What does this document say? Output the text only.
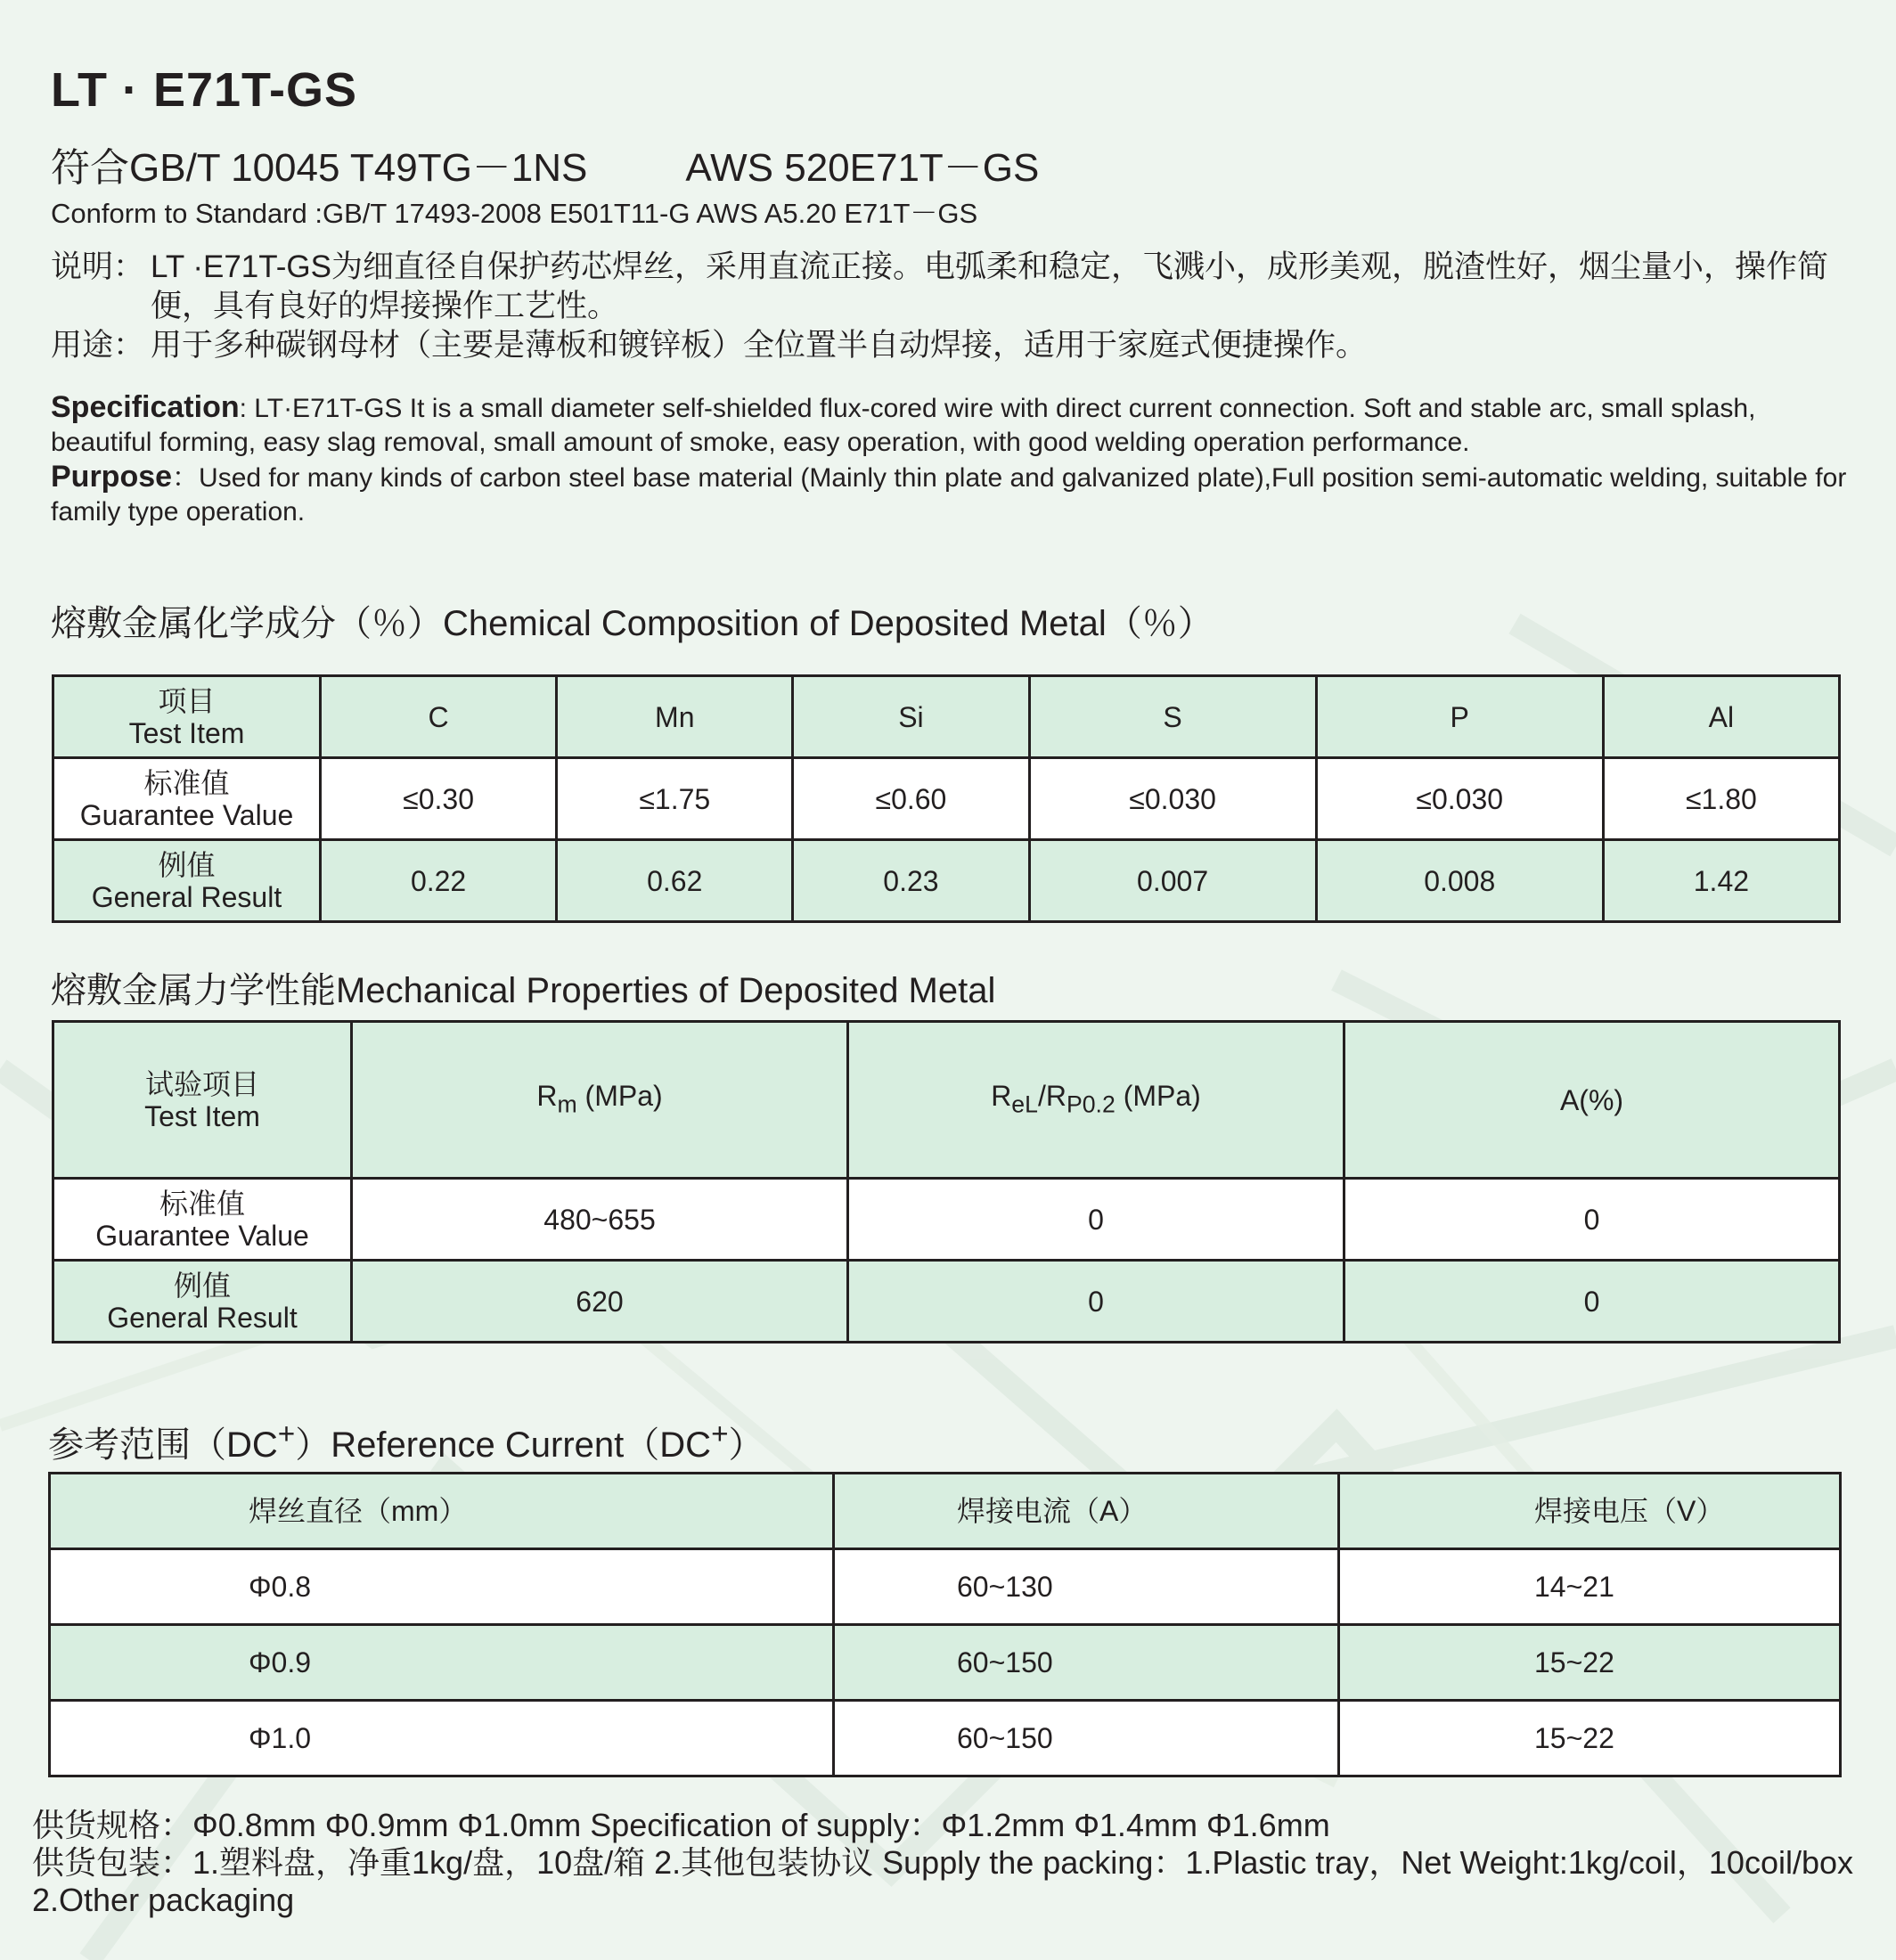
LT · E71T-GS
符合GB/T 10045 T49TG－1NS	AWS 520E71T－GS
Conform to Standard :GB/T 17493-2008 E501T11-G AWS A5.20 E71T－GS
说明： LT ·E71T-GS为细直径自保护药芯焊丝，采用直流正接。电弧柔和稳定，飞溅小，成形美观，脱渣性好，烟尘量小，操作简便，具有良好的焊接操作工艺性。
用途： 用于多种碳钢母材（主要是薄板和镀锌板）全位置半自动焊接，适用于家庭式便捷操作。
Specification: LT·E71T-GS It is a small diameter self-shielded flux-cored wire with direct current connection. Soft and stable arc, small splash, beautiful forming, easy slag removal, small amount of smoke, easy operation, with good welding operation performance.
Purpose：Used for many kinds of carbon steel base material (Mainly thin plate and galvanized plate),Full position semi-automatic welding, suitable for family type operation.
熔敷金属化学成分（％）Chemical Composition of Deposited Metal（％）
项目
Test Item	C	Mn	Si	S	P	Al
标准值
Guarantee Value	≤0.30	≤1.75	≤0.60	≤0.030	≤0.030	≤1.80
例值
General Result	0.22	0.62	0.23	0.007	0.008	1.42
熔敷金属力学性能Mechanical Properties of Deposited Metal
试验项目
Test Item	$R_m$ (MPa)	$R_{eL}/R_{P0.2}$ (MPa)	A(%)
标准值
Guarantee Value	480~655	0	0
例值
General Result	620	0	0
参考范围（DC+）Reference Current（DC+）
焊丝直径（mm）	焊接电流（A）	焊接电压（V）
Φ0.8	60~130	14~21
Φ0.9	60~150	15~22
Φ1.0	60~150	15~22
供货规格：Φ0.8mm Φ0.9mm Φ1.0mm Specification of supply：Φ1.2mm Φ1.4mm Φ1.6mm
供货包装：1.塑料盘，净重1kg/盘，10盘/箱 2.其他包装协议 Supply the packing：1.Plastic tray，Net Weight:1kg/coil，10coil/box 2.Other packaging
